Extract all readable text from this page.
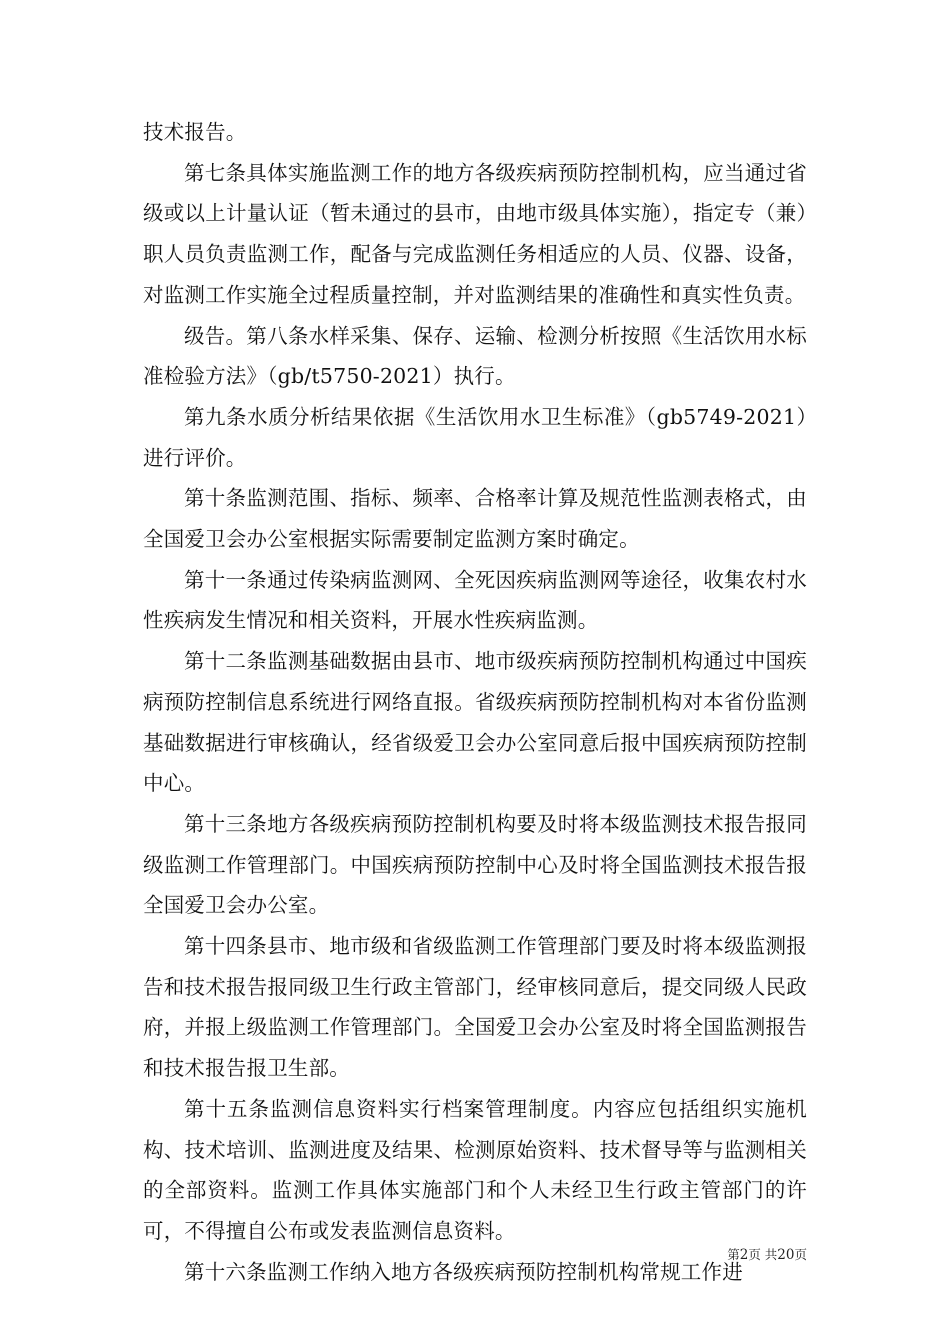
技术报告。

第七条具体实施监测工作的地方各级疾病预防控制机构，应当通过省级或以上计量认证（暂未通过的县市，由地市级具体实施），指定专（兼）职人员负责监测工作，配备与完成监测任务相适应的人员、仪器、设备，对监测工作实施全过程质量控制，并对监测结果的准确性和真实性负责。

级告。第八条水样采集、保存、运输、检测分析按照《生活饮用水标准检验方法》（gb/t5750-2021）执行。

第九条水质分析结果依据《生活饮用水卫生标准》（gb5749-2021）进行评价。

第十条监测范围、指标、频率、合格率计算及规范性监测表格式，由全国爱卫会办公室根据实际需要制定监测方案时确定。

第十一条通过传染病监测网、全死因疾病监测网等途径，收集农村水性疾病发生情况和相关资料，开展水性疾病监测。

第十二条监测基础数据由县市、地市级疾病预防控制机构通过中国疾病预防控制信息系统进行网络直报。省级疾病预防控制机构对本省份监测基础数据进行审核确认，经省级爱卫会办公室同意后报中国疾病预防控制中心。

第十三条地方各级疾病预防控制机构要及时将本级监测技术报告报同级监测工作管理部门。中国疾病预防控制中心及时将全国监测技术报告报全国爱卫会办公室。

第十四条县市、地市级和省级监测工作管理部门要及时将本级监测报告和技术报告报同级卫生行政主管部门，经审核同意后，提交同级人民政府，并报上级监测工作管理部门。全国爱卫会办公室及时将全国监测报告和技术报告报卫生部。

第十五条监测信息资料实行档案管理制度。内容应包括组织实施机构、技术培训、监测进度及结果、检测原始资料、技术督导等与监测相关的全部资料。监测工作具体实施部门和个人未经卫生行政主管部门的许可，不得擅自公布或发表监测信息资料。

第十六条监测工作纳入地方各级疾病预防控制机构常规工作进

第2页 共20页
